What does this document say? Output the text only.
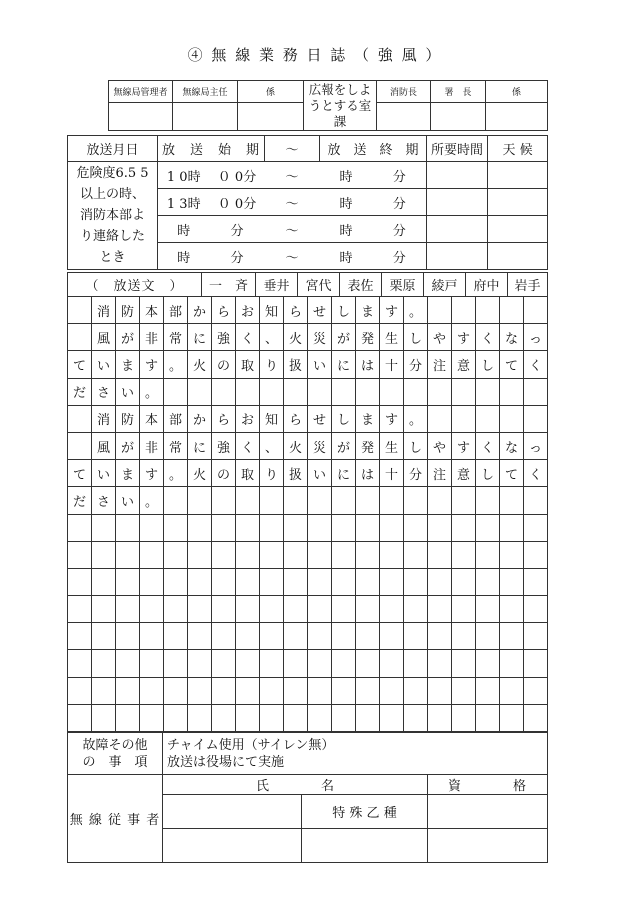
④ 無 線 業 務 日 誌 （ 強 風 ）
無線局管理者	無線局主任	係	広報をしようとする室課	消防長	署　長	係

放送月日	放　送　始　期		〜	放　送　終　期		所要時間	天 候
危険度6.5 5以上の時、消防本部より連絡したとき	1 0時	０ 0分	〜	時	分		
	1 3時	０ 0分	〜	時	分		
	時	分	〜	時	分		
	時	分	〜	時	分		
（　放送文　）	一　斉	垂井	宮代	表佐	栗原	綾戸	府中	岩手
	消	防	本	部	か	ら	お	知	ら	せ	し	ま	す	。					
	風	が	非	常	に	強	く	、	火	災	が	発	生	し	や	す	く	な	っ
て	い	ま	す	。	火	の	取	り	扱	い	に	は	十	分	注	意	し	て	く
だ	さ	い	。																
	消	防	本	部	か	ら	お	知	ら	せ	し	ま	す	。					
	風	が	非	常	に	強	く	、	火	災	が	発	生	し	や	す	く	な	っ
て	い	ま	す	。	火	の	取	り	扱	い	に	は	十	分	注	意	し	て	く
だ	さ	い	。																

故障その他
の　事　項

チャイム使用（サイレン無）
放送は役場にて実施
無 線 従 事 者	氏　　　　名		資　　　　格
		特 殊 乙 種	
